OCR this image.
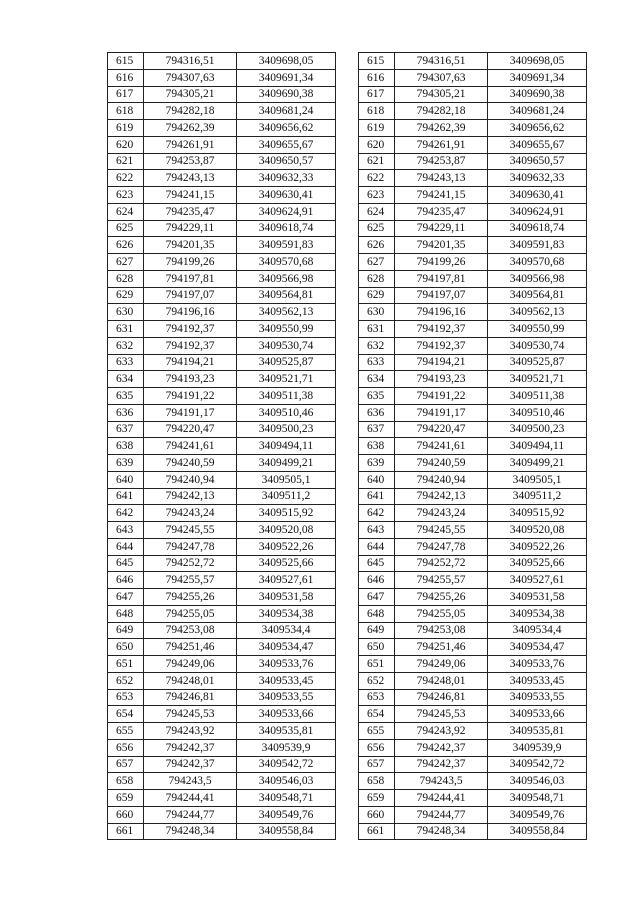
615	794316,51	3409698,05
616	794307,63	3409691,34
617	794305,21	3409690,38
618	794282,18	3409681,24
619	794262,39	3409656,62
620	794261,91	3409655,67
621	794253,87	3409650,57
622	794243,13	3409632,33
623	794241,15	3409630,41
624	794235,47	3409624,91
625	794229,11	3409618,74
626	794201,35	3409591,83
627	794199,26	3409570,68
628	794197,81	3409566,98
629	794197,07	3409564,81
630	794196,16	3409562,13
631	794192,37	3409550,99
632	794192,37	3409530,74
633	794194,21	3409525,87
634	794193,23	3409521,71
635	794191,22	3409511,38
636	794191,17	3409510,46
637	794220,47	3409500,23
638	794241,61	3409494,11
639	794240,59	3409499,21
640	794240,94	3409505,1
641	794242,13	3409511,2
642	794243,24	3409515,92
643	794245,55	3409520,08
644	794247,78	3409522,26
645	794252,72	3409525,66
646	794255,57	3409527,61
647	794255,26	3409531,58
648	794255,05	3409534,38
649	794253,08	3409534,4
650	794251,46	3409534,47
651	794249,06	3409533,76
652	794248,01	3409533,45
653	794246,81	3409533,55
654	794245,53	3409533,66
655	794243,92	3409535,81
656	794242,37	3409539,9
657	794242,37	3409542,72
658	794243,5	3409546,03
659	794244,41	3409548,71
660	794244,77	3409549,76
661	794248,34	3409558,84
615	794316,51	3409698,05
616	794307,63	3409691,34
617	794305,21	3409690,38
618	794282,18	3409681,24
619	794262,39	3409656,62
620	794261,91	3409655,67
621	794253,87	3409650,57
622	794243,13	3409632,33
623	794241,15	3409630,41
624	794235,47	3409624,91
625	794229,11	3409618,74
626	794201,35	3409591,83
627	794199,26	3409570,68
628	794197,81	3409566,98
629	794197,07	3409564,81
630	794196,16	3409562,13
631	794192,37	3409550,99
632	794192,37	3409530,74
633	794194,21	3409525,87
634	794193,23	3409521,71
635	794191,22	3409511,38
636	794191,17	3409510,46
637	794220,47	3409500,23
638	794241,61	3409494,11
639	794240,59	3409499,21
640	794240,94	3409505,1
641	794242,13	3409511,2
642	794243,24	3409515,92
643	794245,55	3409520,08
644	794247,78	3409522,26
645	794252,72	3409525,66
646	794255,57	3409527,61
647	794255,26	3409531,58
648	794255,05	3409534,38
649	794253,08	3409534,4
650	794251,46	3409534,47
651	794249,06	3409533,76
652	794248,01	3409533,45
653	794246,81	3409533,55
654	794245,53	3409533,66
655	794243,92	3409535,81
656	794242,37	3409539,9
657	794242,37	3409542,72
658	794243,5	3409546,03
659	794244,41	3409548,71
660	794244,77	3409549,76
661	794248,34	3409558,84
